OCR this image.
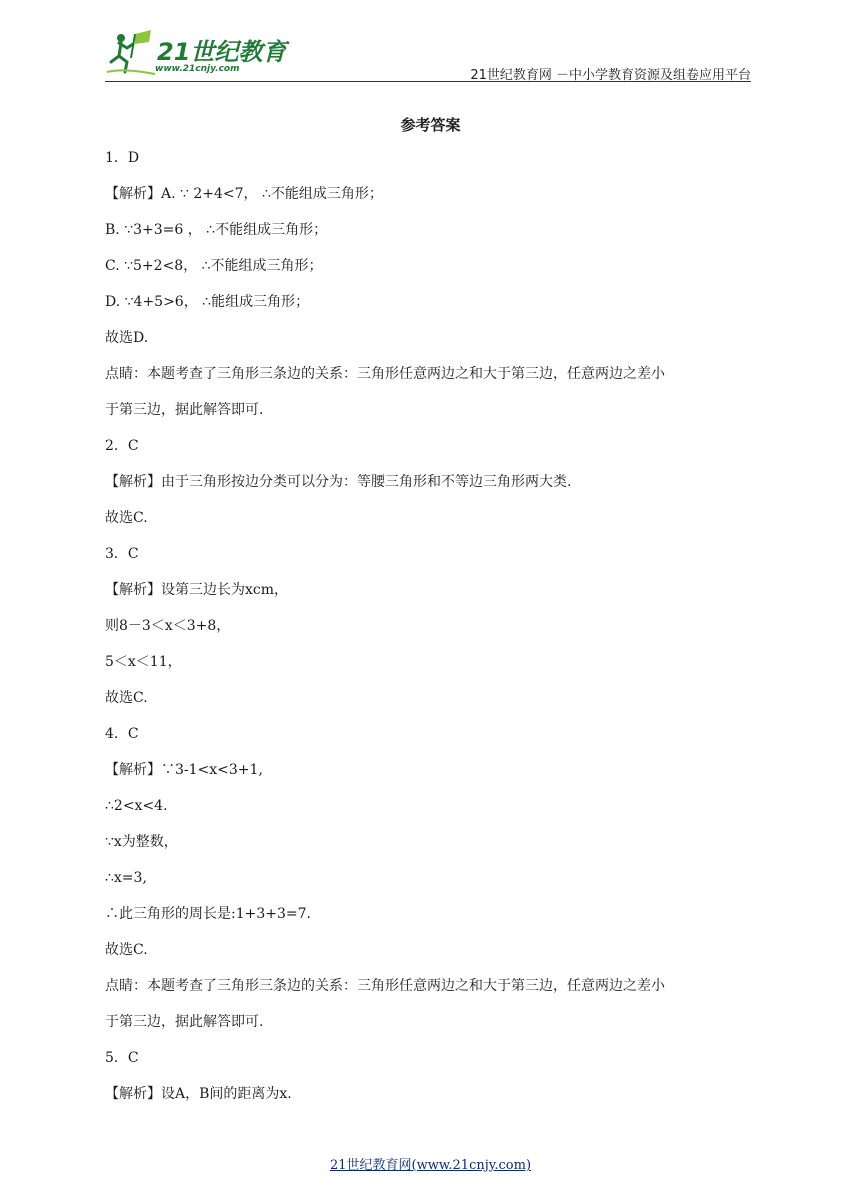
21世纪教育
www.21cnjy.com	21世纪教育网 －中小学教育资源及组卷应用平台
参考答案
1．D
【解析】A. ∵ 2+4<7， ∴不能组成三角形；
B. ∵3+3=6 ， ∴不能组成三角形；
C. ∵5+2<8， ∴不能组成三角形；
D. ∵4+5>6， ∴能组成三角形；
故选D.
点睛：本题考查了三角形三条边的关系：三角形任意两边之和大于第三边，任意两边之差小
于第三边，据此解答即可.
2．C
【解析】由于三角形按边分类可以分为：等腰三角形和不等边三角形两大类.
故选C.
3．C
【解析】设第三边长为xcm，
则8－3＜x＜3+8，
5＜x＜11，
故选C.
4．C
【解析】∵3-1<x<3+1,
∴2<x<4.
∵x为整数，
∴x=3,
∴此三角形的周长是:1+3+3=7.
故选C.
点睛：本题考查了三角形三条边的关系：三角形任意两边之和大于第三边，任意两边之差小
于第三边，据此解答即可.
5．C
【解析】设A，B间的距离为x.
21世纪教育网(www.21cnjy.com)
